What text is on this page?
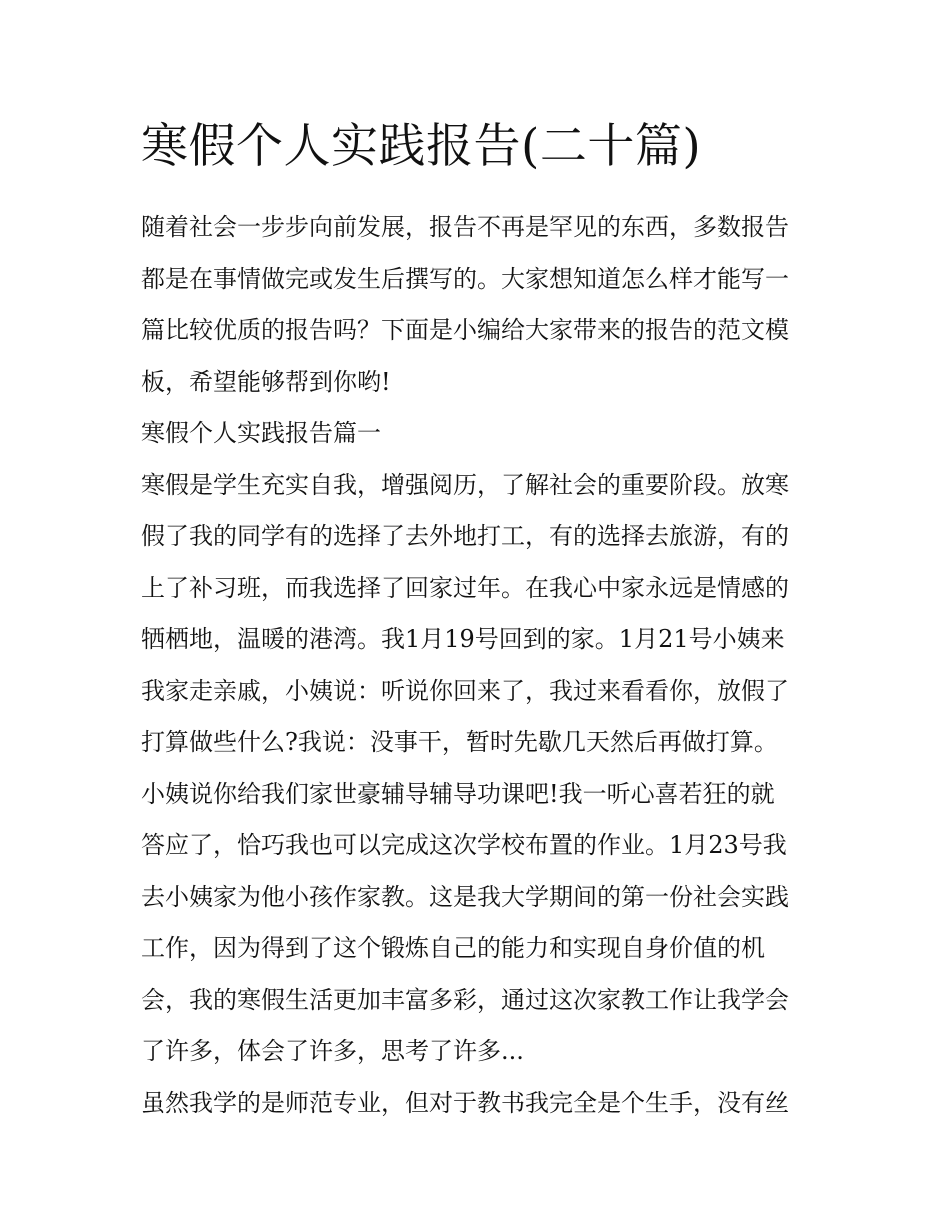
寒假个人实践报告(二十篇)

随着社会一步步向前发展，报告不再是罕见的东西，多数报告

都是在事情做完或发生后撰写的。大家想知道怎么样才能写一

篇比较优质的报告吗？下面是小编给大家带来的报告的范文模

板，希望能够帮到你哟!

寒假个人实践报告篇一

寒假是学生充实自我，增强阅历，了解社会的重要阶段。放寒

假了我的同学有的选择了去外地打工，有的选择去旅游，有的

上了补习班，而我选择了回家过年。在我心中家永远是情感的

牺栖地，温暖的港湾。我1月19号回到的家。1月21号小姨来

我家走亲戚，小姨说：听说你回来了，我过来看看你，放假了

打算做些什么?我说：没事干，暂时先歇几天然后再做打算。

小姨说你给我们家世豪辅导辅导功课吧!我一听心喜若狂的就

答应了，恰巧我也可以完成这次学校布置的作业。1月23号我

去小姨家为他小孩作家教。这是我大学期间的第一份社会实践

工作，因为得到了这个锻炼自己的能力和实现自身价值的机

会，我的寒假生活更加丰富多彩，通过这次家教工作让我学会

了许多，体会了许多，思考了许多...

虽然我学的是师范专业，但对于教书我完全是个生手，没有丝
